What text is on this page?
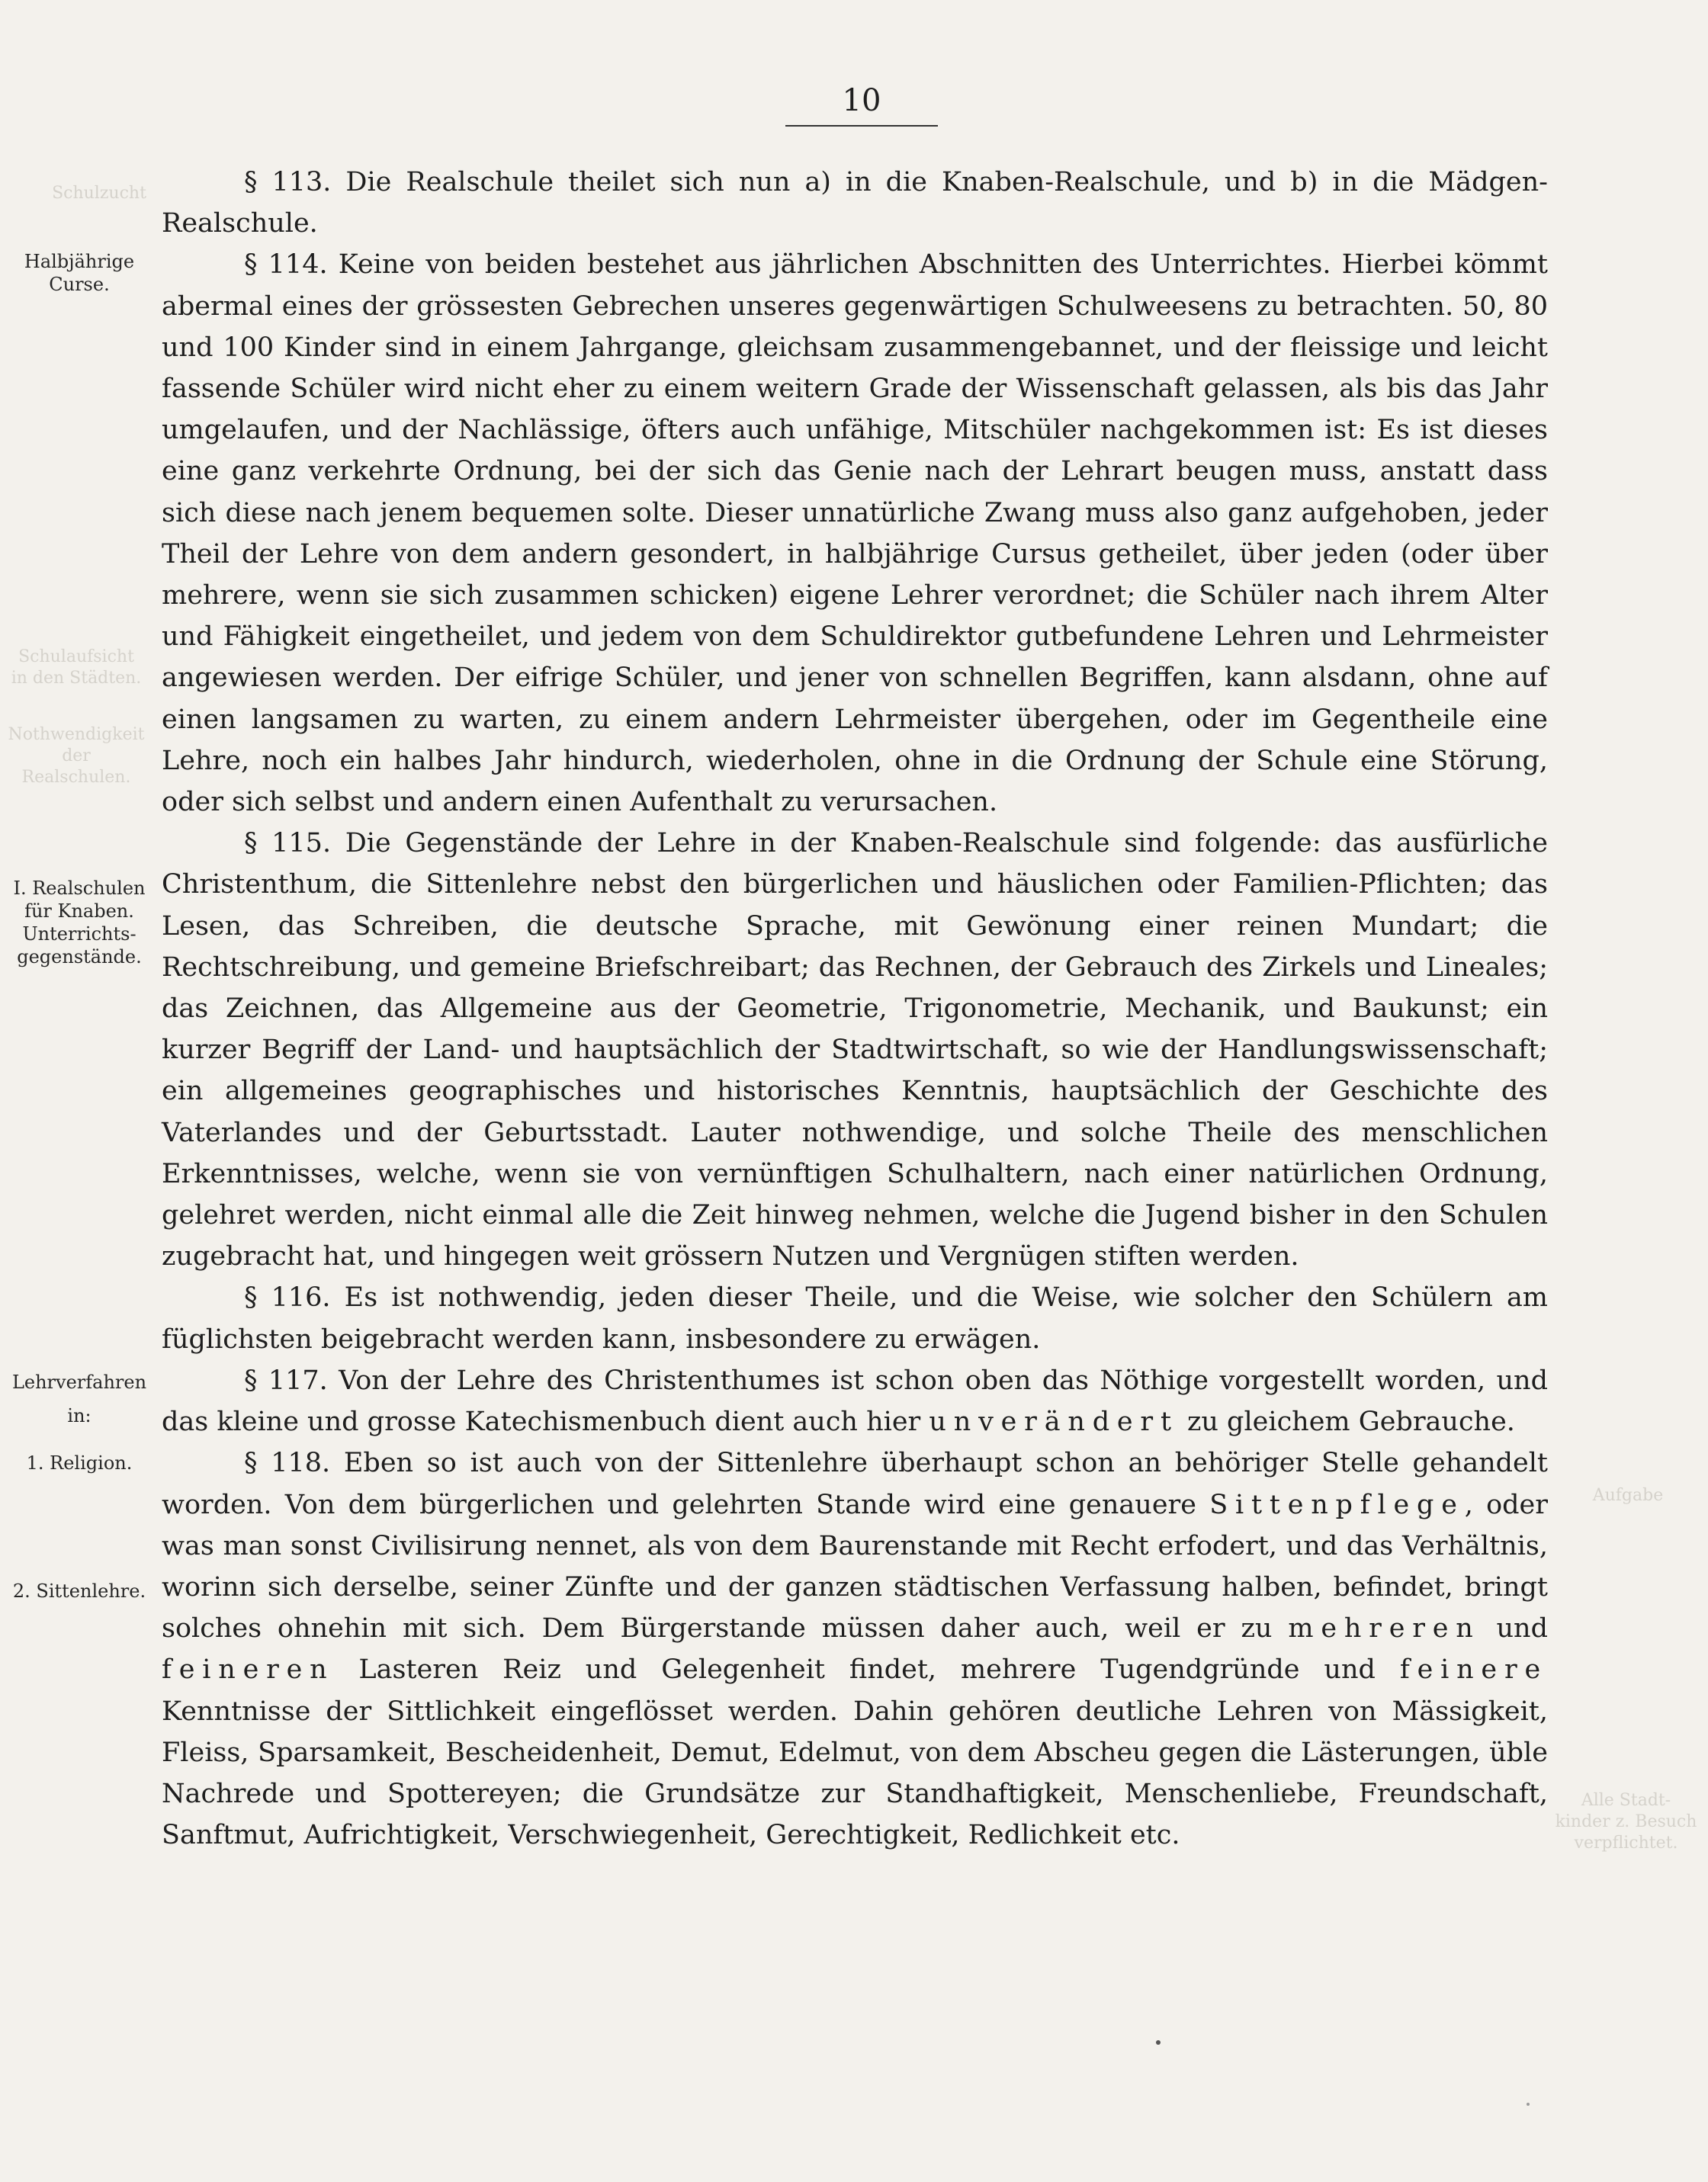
10
Schulzucht
Schulaufsicht
in den Städten.
Nothwendigkeit
der
Realschulen.
Aufgabe
Alle Stadt-
kinder z. Besuch
verpflichtet.
Halbjährige
Curse.
I. Realschulen
für Knaben.
Unterrichts-
gegenstände.
Lehrverfahren
in:
1. Religion.
2. Sittenlehre.

§ 113. Die Realschule theilet sich nun a) in die Knaben-Realschule, und b) in die Mädgen-Realschule.

§ 114. Keine von beiden bestehet aus jährlichen Abschnitten des Unterrichtes. Hierbei kömmt abermal eines der grössesten Gebrechen unseres gegenwärtigen Schulweesens zu betrachten. 50, 80 und 100 Kinder sind in einem Jahrgange, gleichsam zusammengebannet, und der fleissige und leicht fassende Schüler wird nicht eher zu einem weitern Grade der Wissenschaft gelassen, als bis das Jahr umgelaufen, und der Nachlässige, öfters auch unfähige, Mitschüler nachgekommen ist: Es ist dieses eine ganz verkehrte Ordnung, bei der sich das Genie nach der Lehrart beugen muss, anstatt dass sich diese nach jenem bequemen solte. Dieser unnatürliche Zwang muss also ganz aufgehoben, jeder Theil der Lehre von dem andern gesondert, in halbjährige Cursus getheilet, über jeden (oder über mehrere, wenn sie sich zusammen schicken) eigene Lehrer verordnet; die Schüler nach ihrem Alter und Fähigkeit eingetheilet, und jedem von dem Schuldirektor gutbefundene Lehren und Lehrmeister angewiesen werden. Der eifrige Schüler, und jener von schnellen Begriffen, kann alsdann, ohne auf einen langsamen zu warten, zu einem andern Lehrmeister übergehen, oder im Gegentheile eine Lehre, noch ein halbes Jahr hindurch, wiederholen, ohne in die Ordnung der Schule eine Störung, oder sich selbst und andern einen Aufenthalt zu verursachen.

§ 115. Die Gegenstände der Lehre in der Knaben-Realschule sind folgende: das ausfürliche Christenthum, die Sittenlehre nebst den bürgerlichen und häuslichen oder Familien-Pflichten; das Lesen, das Schreiben, die deutsche Sprache, mit Gewönung einer reinen Mundart; die Rechtschreibung, und gemeine Briefschreibart; das Rechnen, der Gebrauch des Zirkels und Lineales; das Zeichnen, das Allgemeine aus der Geometrie, Trigonometrie, Mechanik, und Baukunst; ein kurzer Begriff der Land- und hauptsächlich der Stadtwirtschaft, so wie der Handlungswissenschaft; ein allgemeines geographisches und historisches Kenntnis, hauptsächlich der Geschichte des Vaterlandes und der Geburtsstadt. Lauter nothwendige, und solche Theile des menschlichen Erkenntnisses, welche, wenn sie von vernünftigen Schulhaltern, nach einer natürlichen Ordnung, gelehret werden, nicht einmal alle die Zeit hinweg nehmen, welche die Jugend bisher in den Schulen zugebracht hat, und hingegen weit grössern Nutzen und Vergnügen stiften werden.

§ 116. Es ist nothwendig, jeden dieser Theile, und die Weise, wie solcher den Schülern am füglichsten beigebracht werden kann, insbesondere zu erwägen.

§ 117. Von der Lehre des Christenthumes ist schon oben das Nöthige vorgestellt worden, und das kleine und grosse Katechismenbuch dient auch hier unverändert zu gleichem Gebrauche.

§ 118. Eben so ist auch von der Sittenlehre überhaupt schon an behöriger Stelle gehandelt worden. Von dem bürgerlichen und gelehrten Stande wird eine genauere Sittenpflege, oder was man sonst Civilisirung nennet, als von dem Baurenstande mit Recht erfodert, und das Verhältnis, worinn sich derselbe, seiner Zünfte und der ganzen städtischen Verfassung halben, befindet, bringt solches ohnehin mit sich. Dem Bürgerstande müssen daher auch, weil er zu mehreren und feineren Lasteren Reiz und Gelegenheit findet, mehrere Tugendgründe und feinere Kenntnisse der Sittlichkeit eingeflösset werden. Dahin gehören deutliche Lehren von Mässigkeit, Fleiss, Sparsamkeit, Bescheidenheit, Demut, Edelmut, von dem Abscheu gegen die Lästerungen, üble Nachrede und Spottereyen; die Grundsätze zur Standhaftigkeit, Menschenliebe, Freundschaft, Sanftmut, Aufrichtigkeit, Verschwiegenheit, Gerechtigkeit, Redlichkeit etc.
